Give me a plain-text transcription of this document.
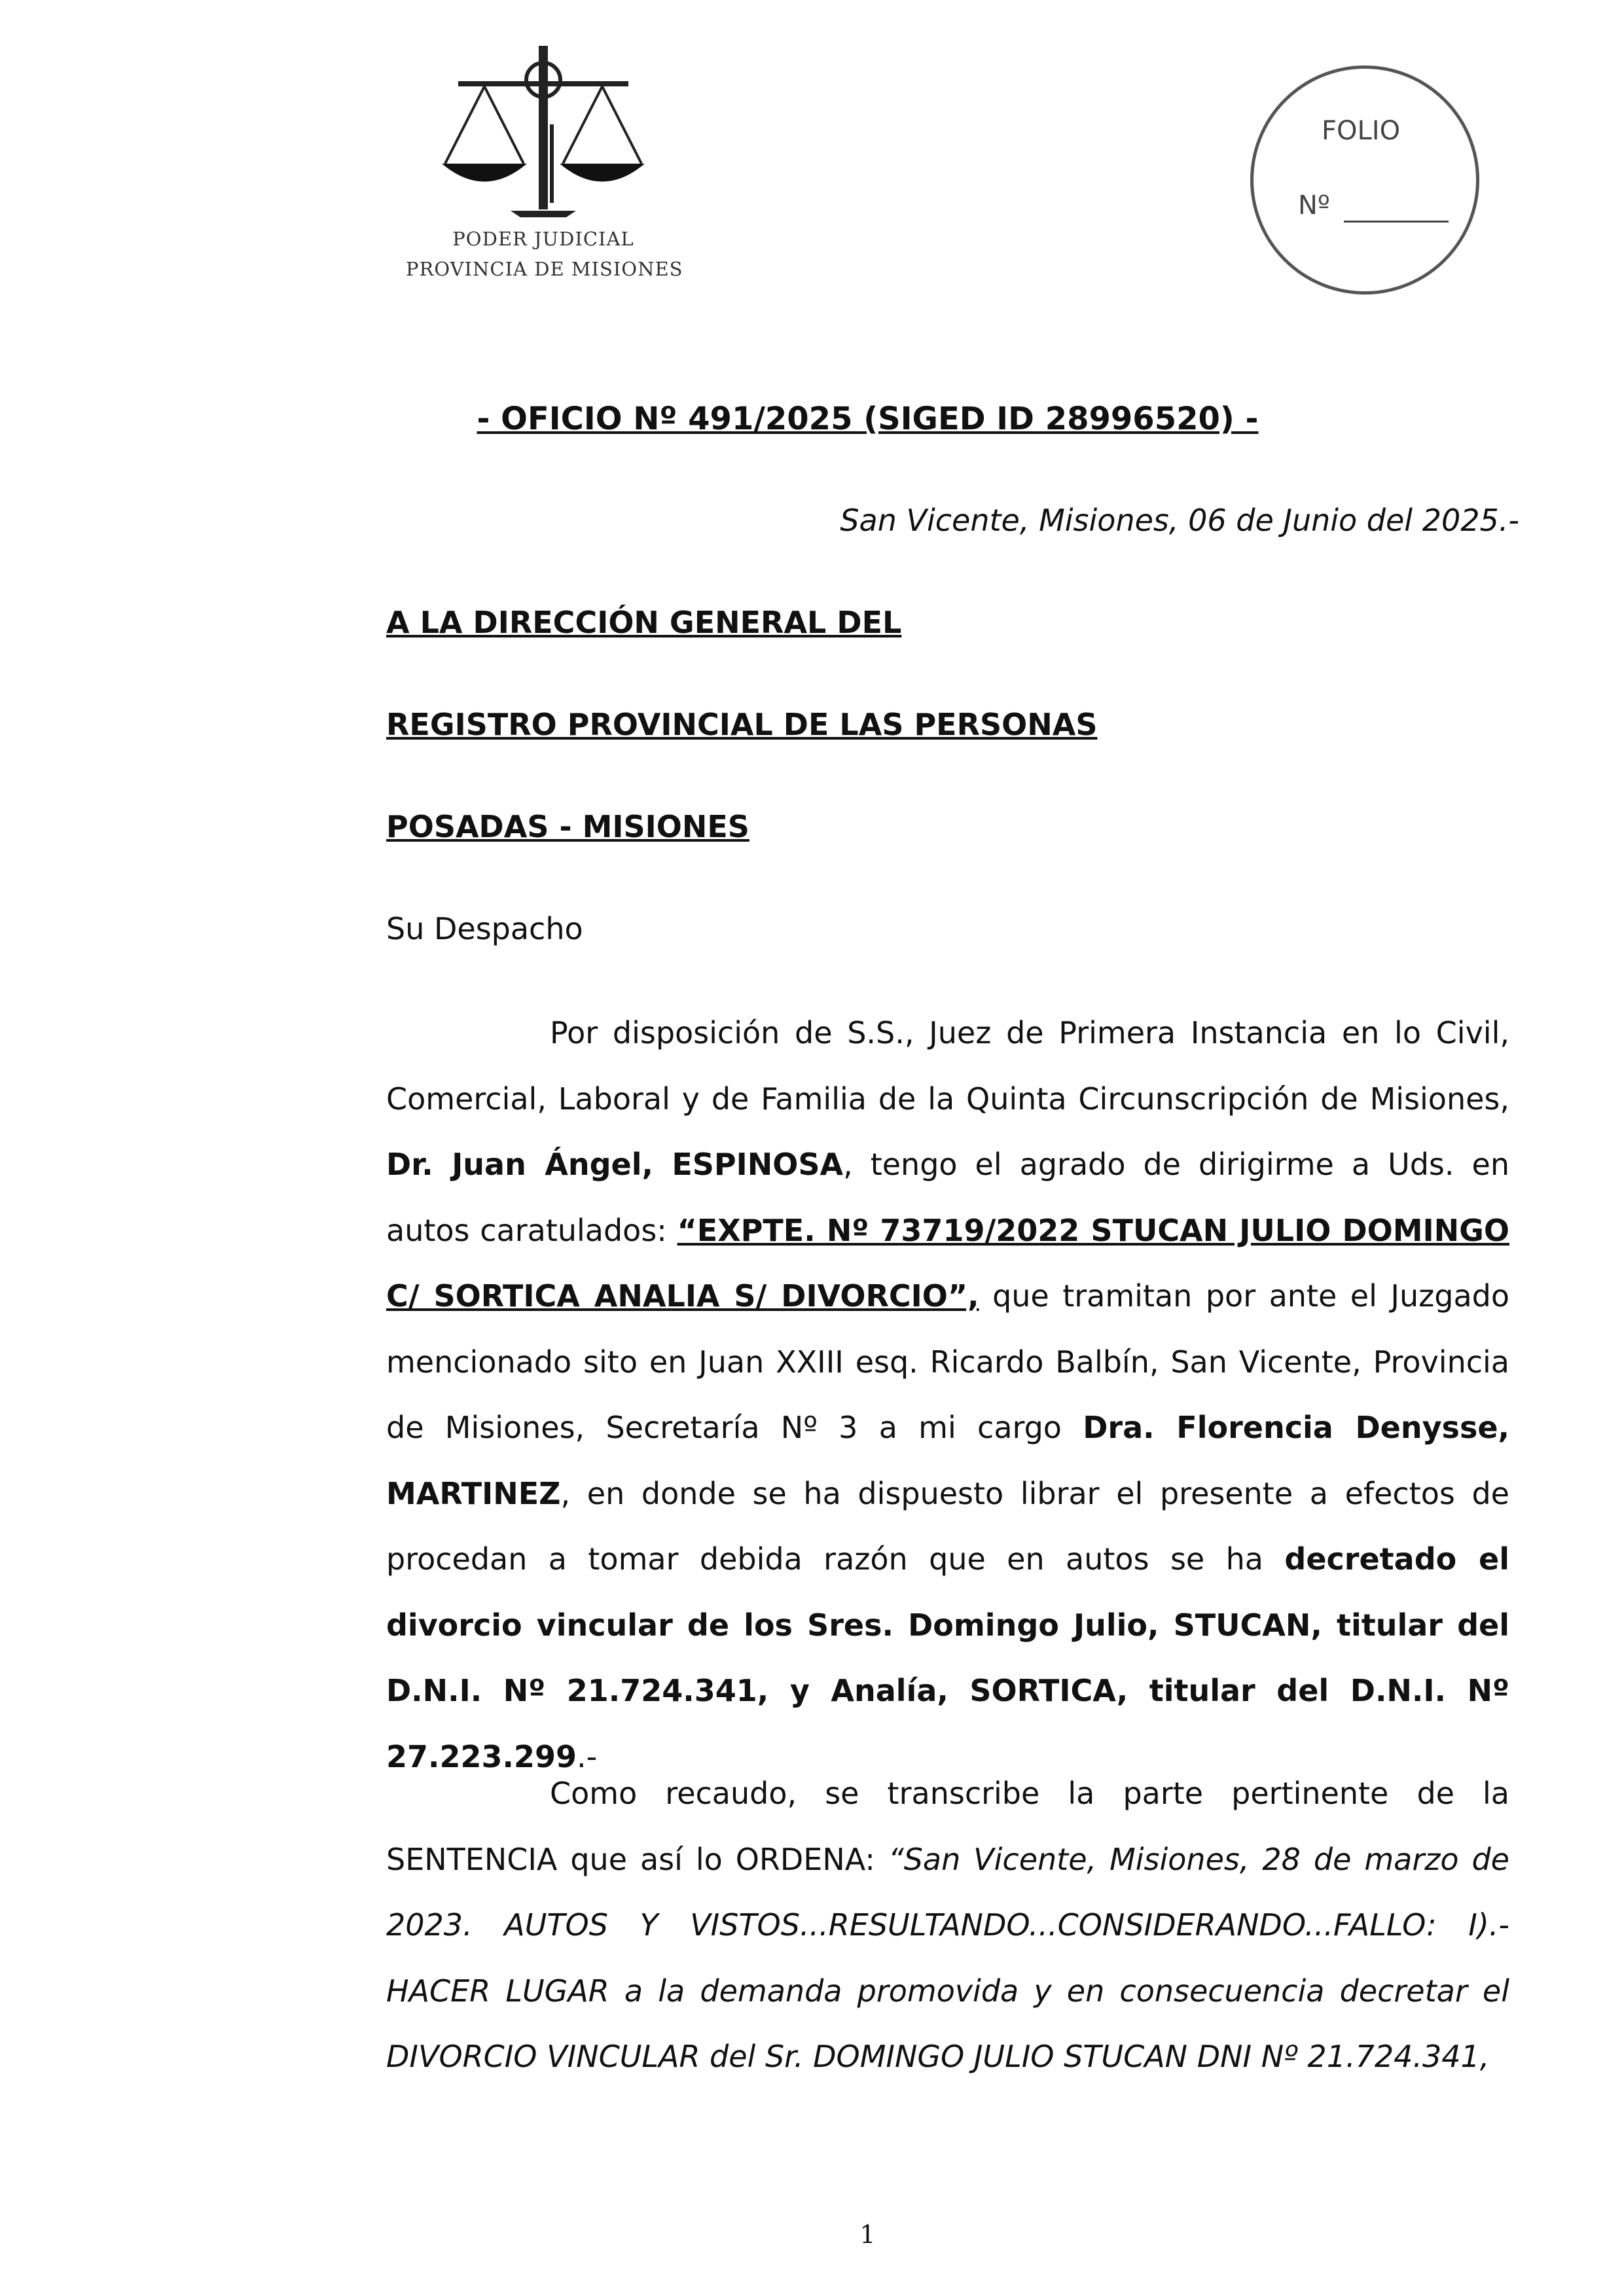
PODER JUDICIAL
PROVINCIA DE MISIONES
FOLIO
Nº
- OFICIO Nº 491/2025 (SIGED ID 28996520) -
San Vicente, Misiones, 06 de Junio del 2025.-
A LA DIRECCIÓN GENERAL DEL
REGISTRO PROVINCIAL DE LAS PERSONAS
POSADAS - MISIONES
Su Despacho

Por disposición de S.S., Juez de Primera Instancia en lo Civil, Comercial, Laboral y de Familia de la Quinta Circunscripción de Misiones, Dr. Juan Ángel, ESPINOSA, tengo el agrado de dirigirme a Uds. en autos caratulados: “EXPTE. Nº 73719/2022 STUCAN JULIO DOMINGO C/ SORTICA ANALIA S/ DIVORCIO”, que tramitan por ante el Juzgado mencionado sito en Juan XXIII esq. Ricardo Balbín, San Vicente, Provincia de Misiones, Secretaría Nº 3 a mi cargo Dra. Florencia Denysse, MARTINEZ, en donde se ha dispuesto librar el presente a efectos de procedan a tomar debida razón que en autos se ha decretado el divorcio vincular de los Sres. Domingo Julio, STUCAN, titular del D.N.I. Nº 21.724.341, y Analía, SORTICA, titular del D.N.I. Nº 27.223.299.-

Como recaudo, se transcribe la parte pertinente de la SENTENCIA que así lo ORDENA: “San Vicente, Misiones, 28 de marzo de 2023. AUTOS Y VISTOS...RESULTANDO...CONSIDERANDO...FALLO: I).- HACER LUGAR a la demanda promovida y en consecuencia decretar el DIVORCIO VINCULAR del Sr. DOMINGO JULIO STUCAN DNI Nº 21.724.341,

1
